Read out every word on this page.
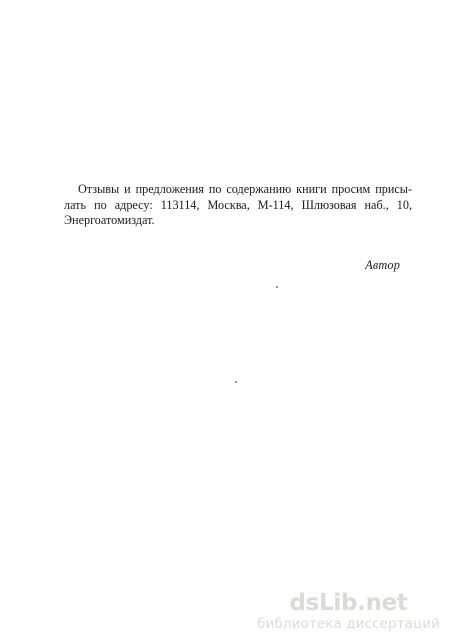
Отзывы и предложения по содержанию книги просим присы-
лать по адресу: 113114, Москва, М-114, Шлюзовая наб., 10,
Энергоатомиздат.
Автор
dsLib.net
библиотека диссертаций
